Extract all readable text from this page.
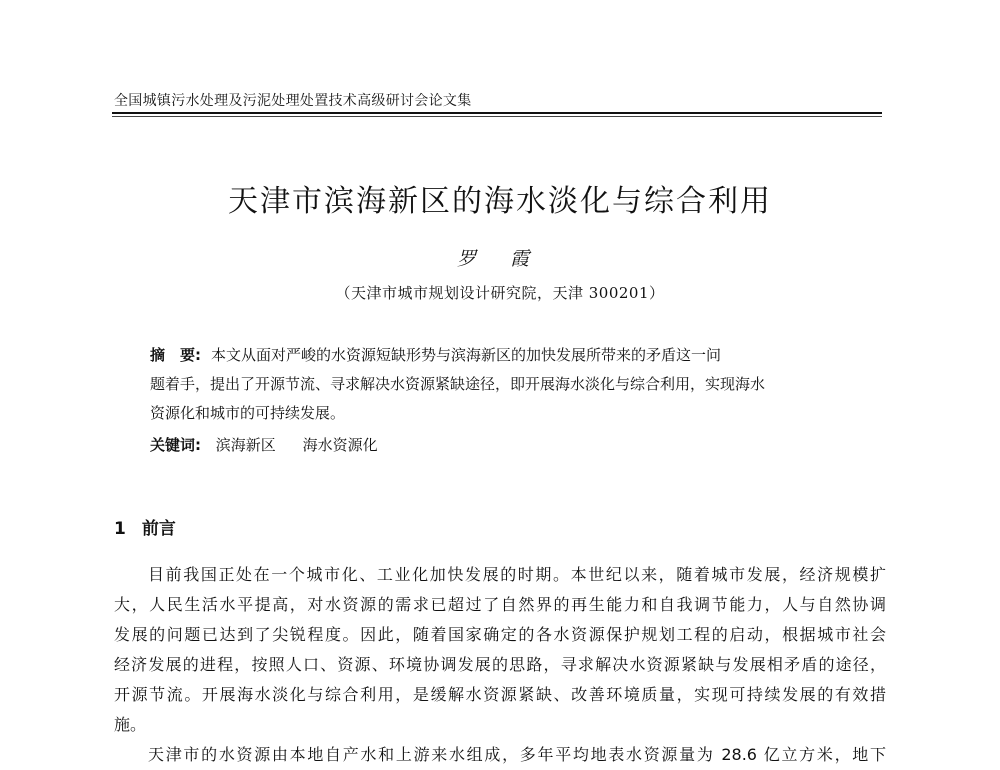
全国城镇污水处理及污泥处理处置技术高级研讨会论文集
天津市滨海新区的海水淡化与综合利用
罗 霞
（天津市城市规划设计研究院，天津 300201）
摘　要: 本文从面对严峻的水资源短缺形势与滨海新区的加快发展所带来的矛盾这一问
题着手，提出了开源节流、寻求解决水资源紧缺途径，即开展海水淡化与综合利用，实现海水
资源化和城市的可持续发展。
关键词: 滨海新区 海水资源化
1 前言
目前我国正处在一个城市化、工业化加快发展的时期。本世纪以来，随着城市发展，经济规模扩
大，人民生活水平提高，对水资源的需求已超过了自然界的再生能力和自我调节能力，人与自然协调
发展的问题已达到了尖锐程度。因此，随着国家确定的各水资源保护规划工程的启动，根据城市社会
经济发展的进程，按照人口、资源、环境协调发展的思路，寻求解决水资源紧缺与发展相矛盾的途径，
开源节流。开展海水淡化与综合利用，是缓解水资源紧缺、改善环境质量，实现可持续发展的有效措
施。
天津市的水资源由本地自产水和上游来水组成，多年平均地表水资源量为 28.6 亿立方米，地下
